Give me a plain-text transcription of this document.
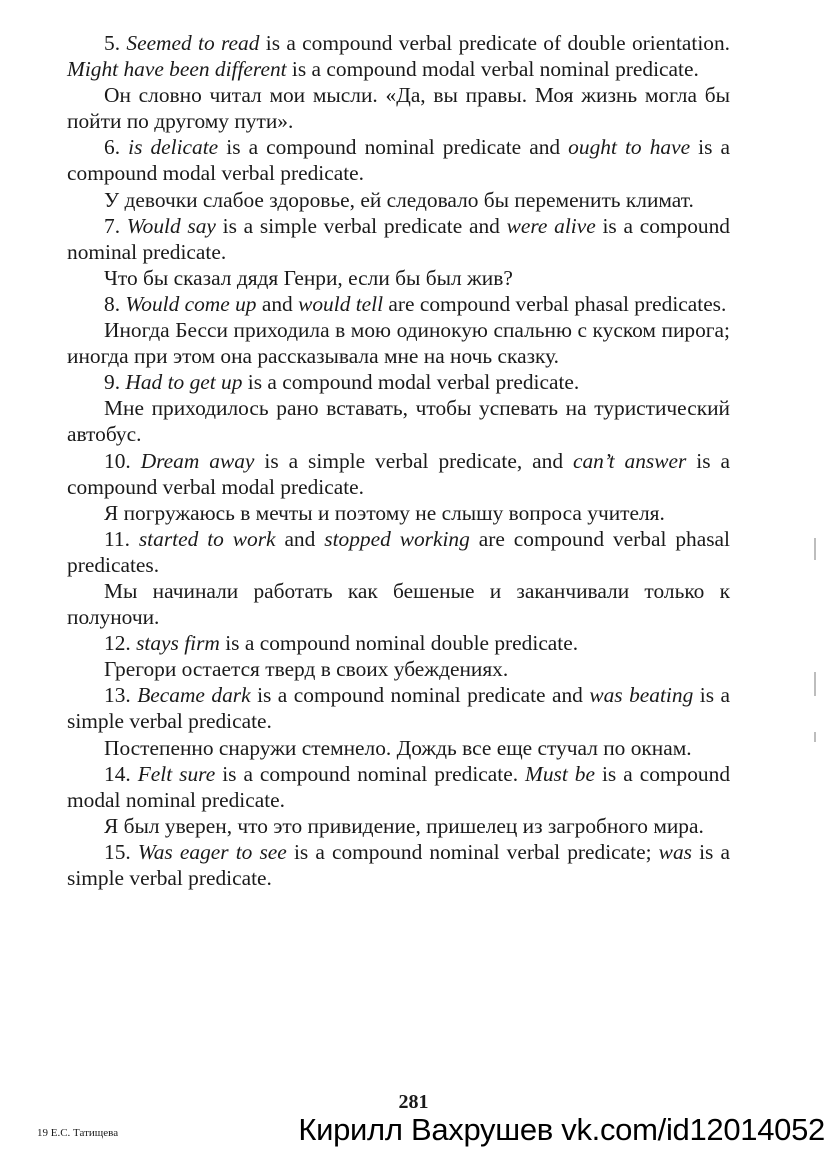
5. Seemed to read is a compound verbal predicate of double orientation. Might have been different is a compound modal verbal nominal predicate.

Он словно читал мои мысли. «Да, вы правы. Моя жизнь могла бы пойти по другому пути».

6. is delicate is a compound nominal predicate and ought to have is a compound modal verbal predicate.

У девочки слабое здоровье, ей следовало бы переменить климат.

7. Would say is a simple verbal predicate and were alive is a compound nominal predicate.

Что бы сказал дядя Генри, если бы был жив?

8. Would come up and would tell are compound verbal phasal predicates.

Иногда Бесси приходила в мою одинокую спальню с куском пирога; иногда при этом она рассказывала мне на ночь сказку.

9. Had to get up is a compound modal verbal predicate.

Мне приходилось рано вставать, чтобы успевать на туристический автобус.

10. Dream away is a simple verbal predicate, and can’t answer is a compound verbal modal predicate.

Я погружаюсь в мечты и поэтому не слышу вопроса учителя.

11. started to work and stopped working are compound verbal phasal predicates.

Мы начинали работать как бешеные и заканчивали только к полуночи.

12. stays firm is a compound nominal double predicate.

Грегори остается тверд в своих убеждениях.

13. Became dark is a compound nominal predicate and was beating is a simple verbal predicate.

Постепенно снаружи стемнело. Дождь все еще стучал по окнам.

14. Felt sure is a compound nominal predicate. Must be is a compound modal nominal predicate.

Я был уверен, что это привидение, пришелец из загробного мира.

15. Was eager to see is a compound nominal verbal predicate; was is a simple verbal predicate.

281
19 Е.С. Татищева	Кирилл Вахрушев vk.com/id12014052
